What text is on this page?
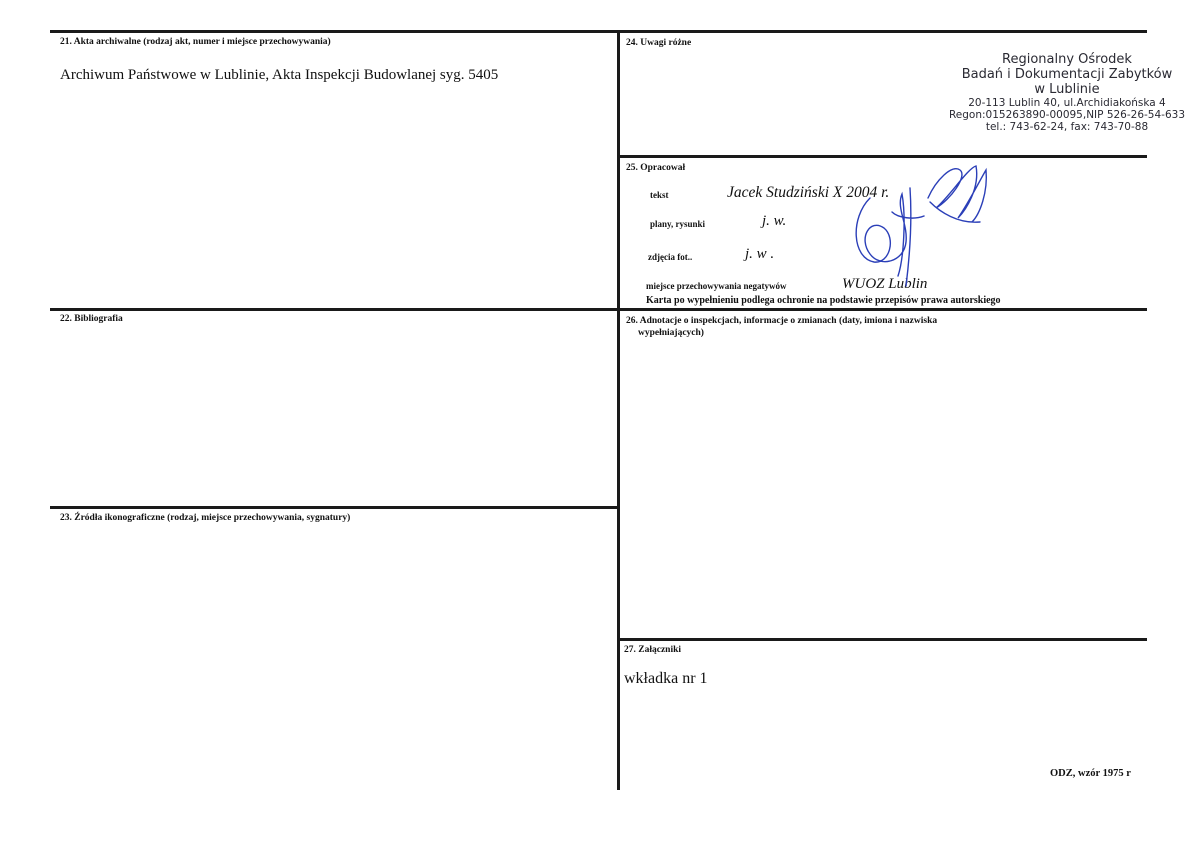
21. Akta archiwalne (rodzaj akt, numer i miejsce przechowywania)
Archiwum Państwowe w Lublinie, Akta Inspekcji Budowlanej syg. 5405
22. Bibliografia
23. Źródła ikonograficzne (rodzaj, miejsce przechowywania, sygnatury)
24. Uwagi różne
Regionalny Ośrodek
Badań i Dokumentacji Zabytków
w Lublinie
20-113 Lublin 40, ul.Archidiakońska 4
Regon:015263890-00095,NIP 526-26-54-633
tel.: 743-62-24, fax: 743-70-88
25. Opracował
tekst	Jacek Studziński X 2004 r.
plany, rysunki	j. w.
zdjęcia fot..	j. w .
miejsce przechowywania negatywów	WUOZ Lublin
Karta po wypełnieniu podlega ochronie na podstawie przepisów prawa autorskiego
26. Adnotacje o inspekcjach, informacje o zmianach (daty, imiona i nazwiska
wypełniających)
27. Załączniki
wkładka nr 1
ODZ, wzór 1975 r
